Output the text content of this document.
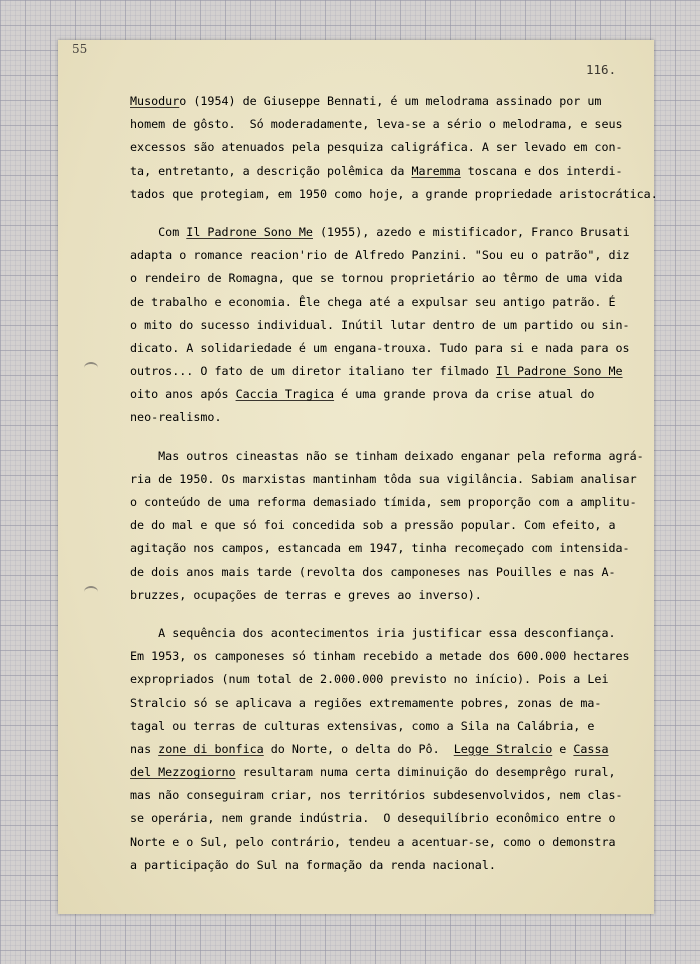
55
116.
Musoduro (1954) de Giuseppe Bennati, é um melodrama assinado por um
homem de gôsto.  Só moderadamente, leva-se a sério o melodrama, e seus
excessos são atenuados pela pesquiza caligráfica. A ser levado em con-
ta, entretanto, a descrição polêmica da Maremma toscana e dos interdi-
tados que protegiam, em 1950 como hoje, a grande propriedade aristocrática.
Com Il Padrone Sono Me (1955), azedo e mistificador, Franco Brusati
adapta o romance reacion'rio de Alfredo Panzini. "Sou eu o patrão", diz
o rendeiro de Romagna, que se tornou proprietário ao têrmo de uma vida
de trabalho e economia. Êle chega até a expulsar seu antigo patrão. É
o mito do sucesso individual. Inútil lutar dentro de um partido ou sin-
dicato. A solidariedade é um engana-trouxa. Tudo para si e nada para os
outros... O fato de um diretor italiano ter filmado Il Padrone Sono Me
oito anos após Caccia Tragica é uma grande prova da crise atual do
neo-realismo.
Mas outros cineastas não se tinham deixado enganar pela reforma agrá-
ria de 1950. Os marxistas mantinham tôda sua vigilância. Sabiam analisar
o conteúdo de uma reforma demasiado tímida, sem proporção com a amplitu-
de do mal e que só foi concedida sob a pressão popular. Com efeito, a
agitação nos campos, estancada em 1947, tinha recomeçado com intensida-
de dois anos mais tarde (revolta dos camponeses nas Pouilles e nas A-
bruzzes, ocupações de terras e greves ao inverso).
A sequência dos acontecimentos iria justificar essa desconfiança.
Em 1953, os camponeses só tinham recebido a metade dos 600.000 hectares
expropriados (num total de 2.000.000 previsto no início). Pois a Lei
Stralcio só se aplicava a regiões extremamente pobres, zonas de ma-
tagal ou terras de culturas extensivas, como a Sila na Calábria, e
nas zone di bonfica do Norte, o delta do Pô.  Legge Stralcio e Cassa
del Mezzogiorno resultaram numa certa diminuição do desemprêgo rural,
mas não conseguiram criar, nos territórios subdesenvolvidos, nem clas-
se operária, nem grande indústria.  O desequilíbrio econômico entre o
Norte e o Sul, pelo contrário, tendeu a acentuar-se, como o demonstra
a participação do Sul na formação da renda nacional.
